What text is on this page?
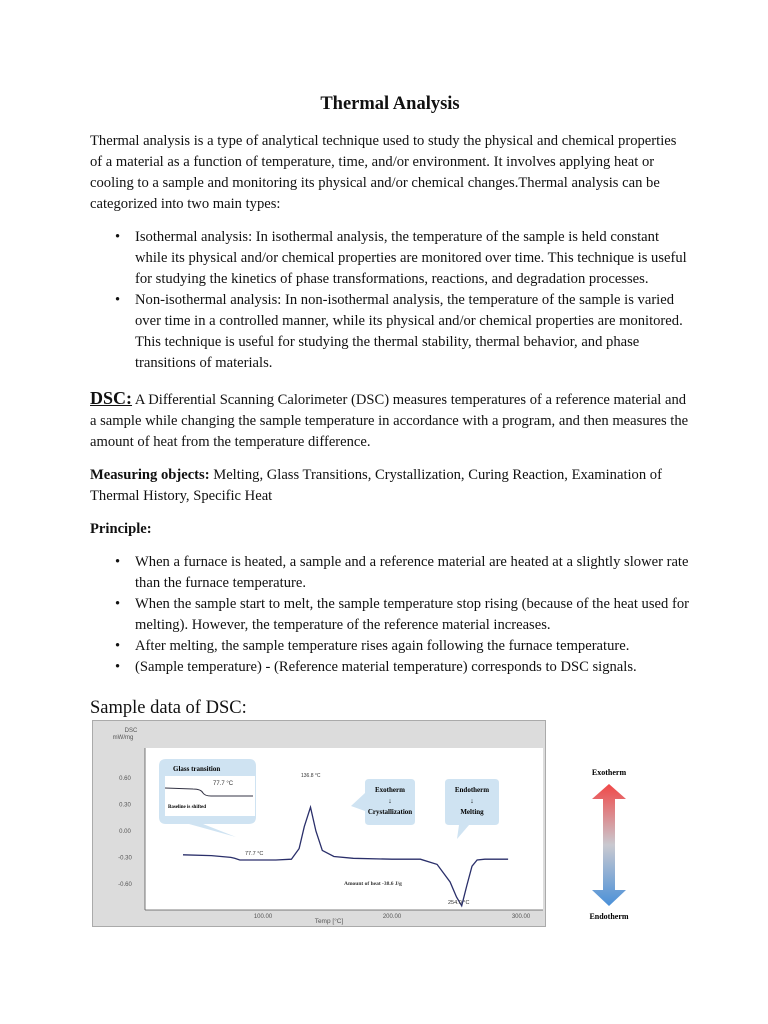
Thermal Analysis

Thermal analysis is a type of analytical technique used to study the physical and chemical properties of a material as a function of temperature, time, and/or environment. It involves applying heat or cooling to a sample and monitoring its physical and/or chemical changes.Thermal analysis can be categorized into two main types:

• Isothermal analysis: In isothermal analysis, the temperature of the sample is held constant while its physical and/or chemical properties are monitored over time. This technique is useful for studying the kinetics of phase transformations, reactions, and degradation processes.
• Non-isothermal analysis: In non-isothermal analysis, the temperature of the sample is varied over time in a controlled manner, while its physical and/or chemical properties are monitored. This technique is useful for studying the thermal stability, thermal behavior, and phase transitions of materials.

DSC: A Differential Scanning Calorimeter (DSC) measures temperatures of a reference material and a sample while changing the sample temperature in accordance with a program, and then measures the amount of heat from the temperature difference.

Measuring objects: Melting, Glass Transitions, Crystallization, Curing Reaction, Examination of Thermal History, Specific Heat

Principle:

• When a furnace is heated, a sample and a reference material are heated at a slightly slower rate than the furnace temperature.
• When the sample start to melt, the sample temperature stop rising (because of the heat used for melting). However, the temperature of the reference material increases.
• After melting, the sample temperature rises again following the furnace temperature.
• (Sample temperature) - (Reference material temperature) corresponds to DSC signals.
Sample data of DSC:
DSC
mW/mg
Temp [°C]
0.60
0.30
0.00
-0.30
-0.60
100.00	200.00	300.00
Glass transition
77.7 °C
Baseline is shifted
Exotherm
↓
Crystallization
Endotherm
↓
Melting
77.7 °C
136.8 °C
Amount of heat -38.6 J/g
254.0 °C
Exotherm
Endotherm
